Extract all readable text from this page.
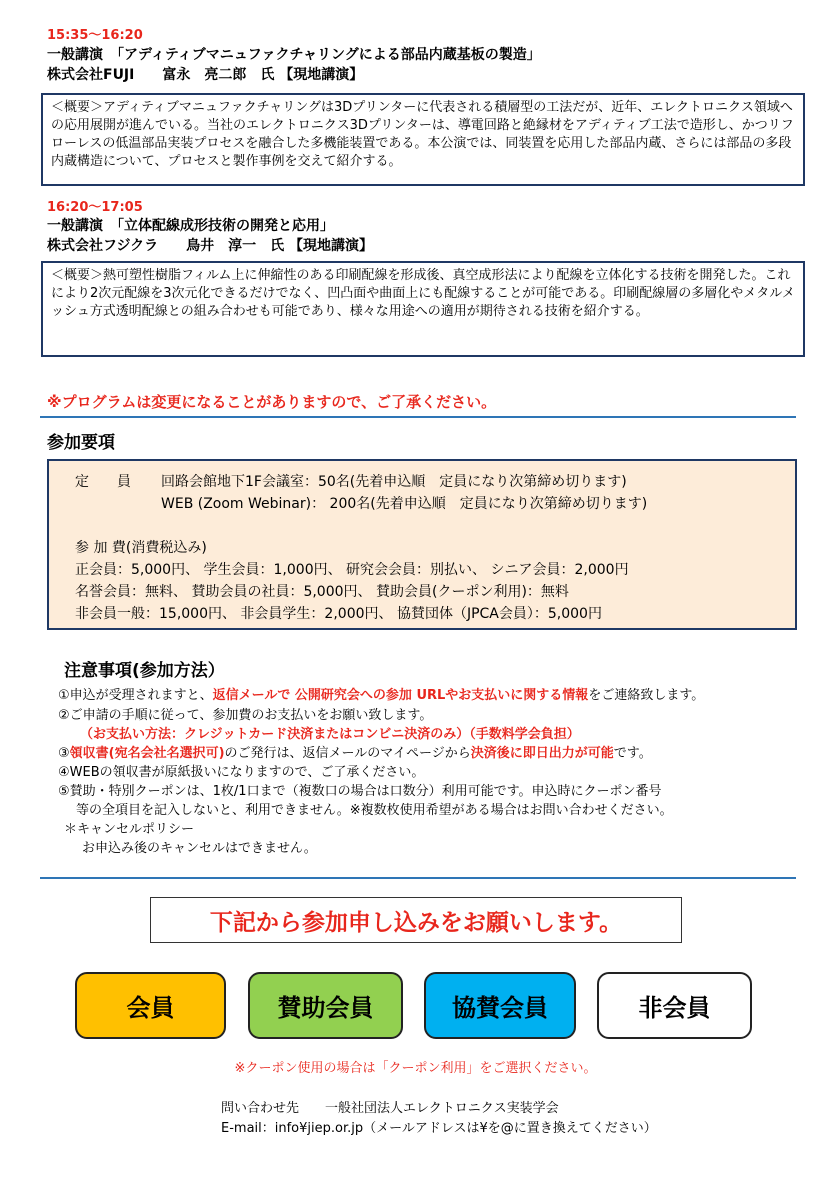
15:35〜16:20
一般講演　「アディティブマニュファクチャリングによる部品内蔵基板の製造」
株式会社FUJI　　富永　亮二郎　氏 【現地講演】
＜概要＞アディティブマニュファクチャリングは3Dプリンターに代表される積層型の工法だが、近年、エレクトロニクス領域への応用展開が進んでいる。当社のエレクトロニクス3Dプリンターは、導電回路と絶縁材をアディティブ工法で造形し、かつリフローレスの低温部品実装プロセスを融合した多機能装置である。本公演では、同装置を応用した部品内蔵、さらには部品の多段内蔵構造について、プロセスと製作事例を交えて紹介する。
16:20〜17:05
一般講演　「立体配線成形技術の開発と応用」
株式会社フジクラ　　鳥井　淳一　氏 【現地講演】
＜概要＞熱可塑性樹脂フィルム上に伸縮性のある印刷配線を形成後、真空成形法により配線を立体化する技術を開発した。これにより2次元配線を3次元化できるだけでなく、凹凸面や曲面上にも配線することが可能である。印刷配線層の多層化やメタルメッシュ方式透明配線との組み合わせも可能であり、様々な用途への適用が期待される技術を紹介する。
※プログラムは変更になることがありますので、ご了承ください。
参加要項
定　　員 回路会館地下1F会議室：50名(先着申込順　定員になり次第締め切ります)
WEB (Zoom Webinar)： 200名(先着申込順　定員になり次第締め切ります)
参 加 費(消費税込み)
正会員：5,000円、 学生会員：1,000円、 研究会会員：別払い、 シニア会員：2,000円
名誉会員：無料、 賛助会員の社員：5,000円、 賛助会員(クーポン利用)：無料
非会員一般：15,000円、 非会員学生：2,000円、 協賛団体（JPCA会員）：5,000円
注意事項(参加方法）
①申込が受理されますと、返信メールで 公開研究会への参加 URLやお支払いに関する情報をご連絡致します。
②ご申請の手順に従って、参加費のお支払いをお願い致します。
（お支払い方法：クレジットカード決済またはコンビニ決済のみ）（手数料学会負担）
③領収書(宛名会社名選択可)のご発行は、返信メールのマイページから決済後に即日出力が可能です。
④WEBの領収書が原紙扱いになりますので、ご了承ください。
⑤賛助・特別クーポンは、1枚/1口まで（複数口の場合は口数分）利用可能です。申込時にクーポン番号
等の全項目を記入しないと、利用できません。※複数枚使用希望がある場合はお問い合わせください。
＊キャンセルポリシー
お申込み後のキャンセルはできません。
下記から参加申し込みをお願いします。
会員	賛助会員	協賛会員	非会員
※クーポン使用の場合は「クーポン利用」をご選択ください。
問い合わせ先　　一般社団法人エレクトロニクス実装学会
E-mail：info¥jiep.or.jp（メールアドレスは¥を@に置き換えてください）
